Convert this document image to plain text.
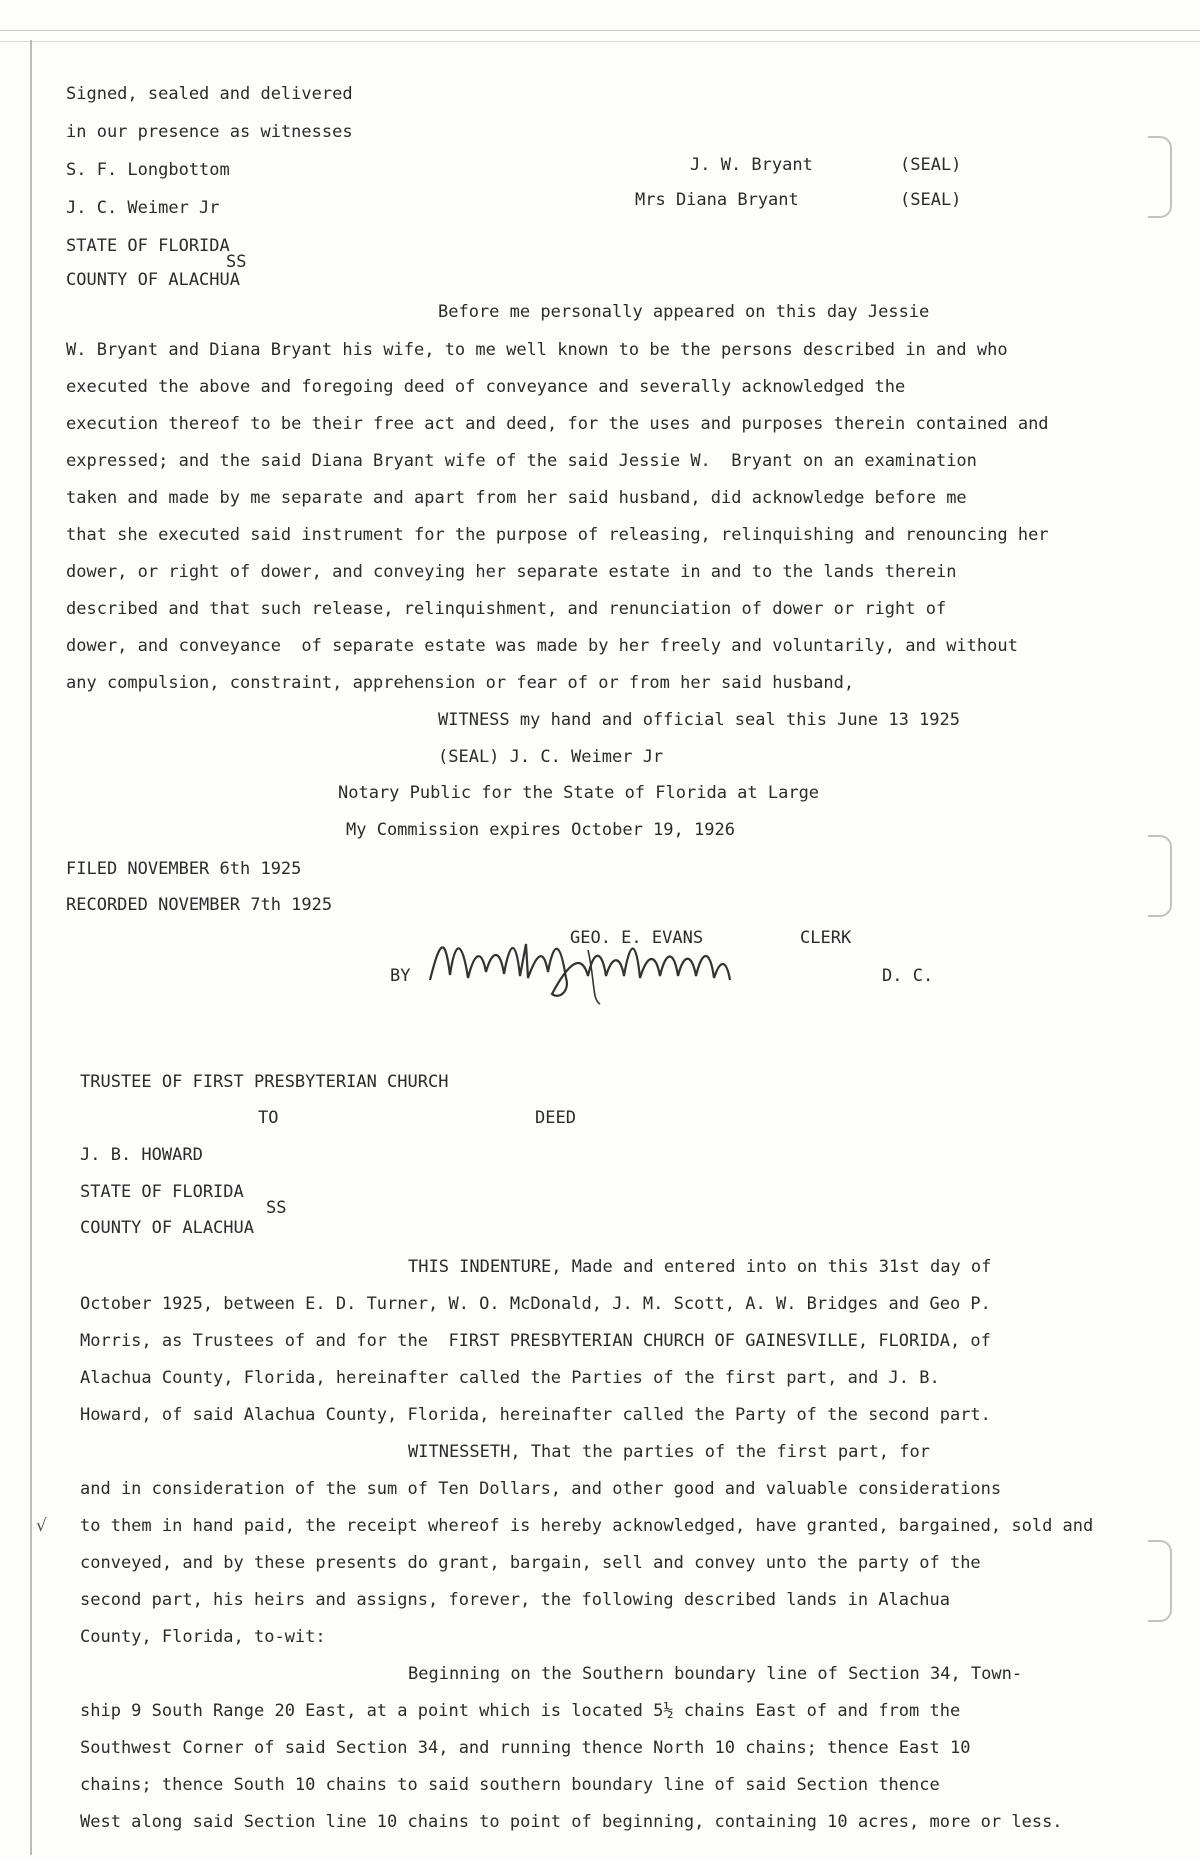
Signed, sealed and delivered
in our presence as witnesses
S. F. Longbottom
J. C. Weimer Jr
J. W. Bryant
Mrs Diana Bryant
(SEAL)
(SEAL)
STATE OF FLORIDA
SS
COUNTY OF ALACHUA
Before me personally appeared on this day Jessie
W. Bryant and Diana Bryant his wife, to me well known to be the persons described in and who
executed the above and foregoing deed of conveyance and severally acknowledged the
execution thereof to be their free act and deed, for the uses and purposes therein contained and
expressed; and the said Diana Bryant wife of the said Jessie W.  Bryant on an examination
taken and made by me separate and apart from her said husband, did acknowledge before me
that she executed said instrument for the purpose of releasing, relinquishing and renouncing her
dower, or right of dower, and conveying her separate estate in and to the lands therein
described and that such release, relinquishment, and renunciation of dower or right of
dower, and conveyance  of separate estate was made by her freely and voluntarily, and without
any compulsion, constraint, apprehension or fear of or from her said husband,
WITNESS my hand and official seal this June 13 1925
(SEAL) J. C. Weimer Jr
Notary Public for the State of Florida at Large
My Commission expires October 19, 1926
FILED NOVEMBER 6th 1925
RECORDED NOVEMBER 7th 1925
GEO. E. EVANS	CLERK
BY	D. C.
TRUSTEE OF FIRST PRESBYTERIAN CHURCH
TO	DEED
J. B. HOWARD
STATE OF FLORIDA
SS
COUNTY OF ALACHUA
THIS INDENTURE, Made and entered into on this 31st day of
October 1925, between E. D. Turner, W. O. McDonald, J. M. Scott, A. W. Bridges and Geo P.
Morris, as Trustees of and for the  FIRST PRESBYTERIAN CHURCH OF GAINESVILLE, FLORIDA, of
Alachua County, Florida, hereinafter called the Parties of the first part, and J. B.
Howard, of said Alachua County, Florida, hereinafter called the Party of the second part.
WITNESSETH, That the parties of the first part, for
and in consideration of the sum of Ten Dollars, and other good and valuable considerations
to them in hand paid, the receipt whereof is hereby acknowledged, have granted, bargained, sold and
conveyed, and by these presents do grant, bargain, sell and convey unto the party of the
second part, his heirs and assigns, forever, the following described lands in Alachua
County, Florida, to-wit:
Beginning on the Southern boundary line of Section 34, Town-
ship 9 South Range 20 East, at a point which is located 5½ chains East of and from the
Southwest Corner of said Section 34, and running thence North 10 chains; thence East 10
chains; thence South 10 chains to said southern boundary line of said Section thence
West along said Section line 10 chains to point of beginning, containing 10 acres, more or less.
√
